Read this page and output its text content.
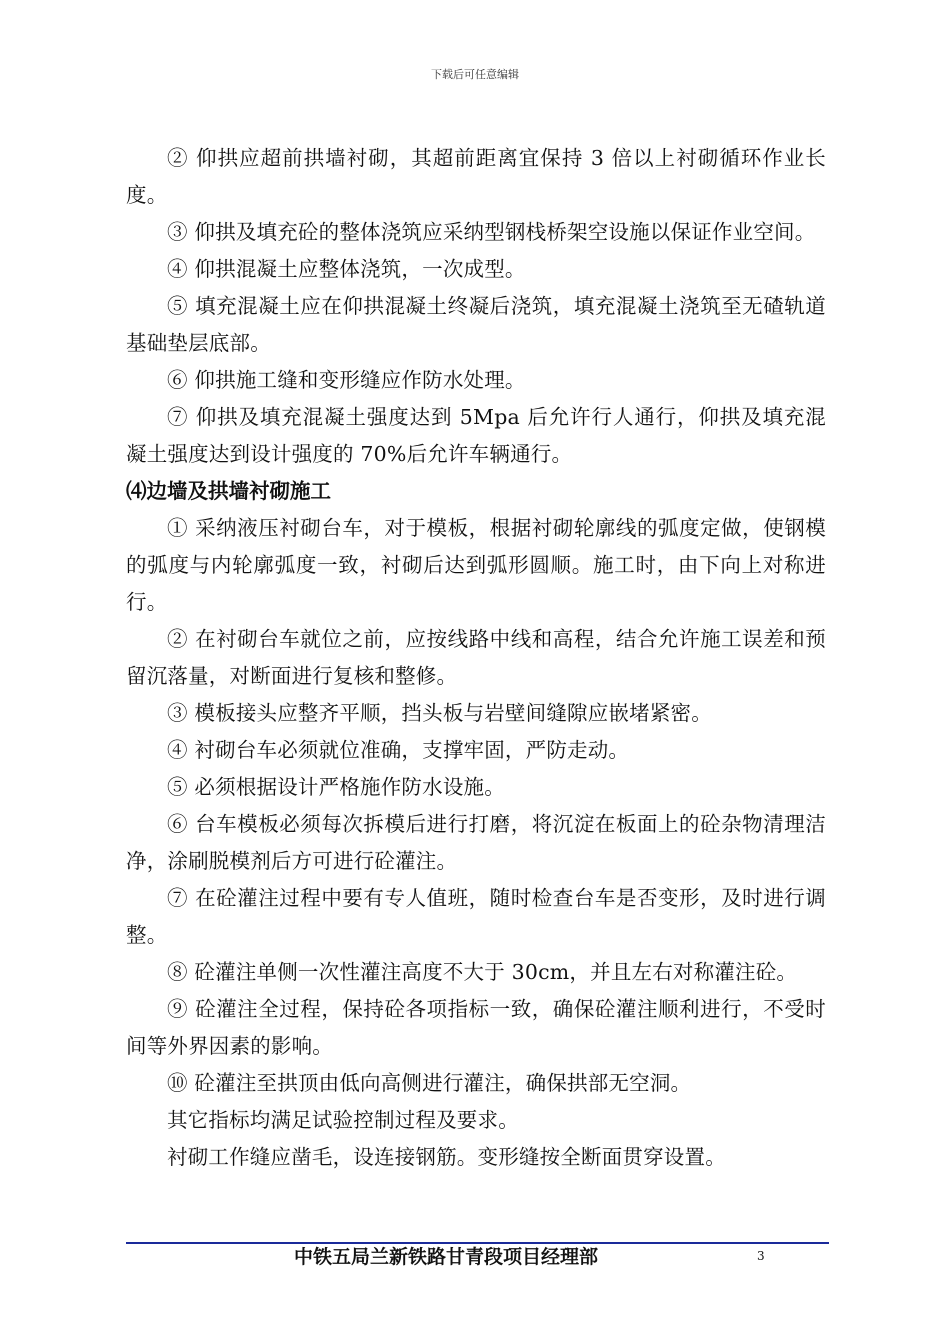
下载后可任意编辑

② 仰拱应超前拱墙衬砌，其超前距离宜保持 3 倍以上衬砌循环作业长度。

③ 仰拱及填充砼的整体浇筑应采纳型钢栈桥架空设施以保证作业空间。

④ 仰拱混凝土应整体浇筑，一次成型。

⑤ 填充混凝土应在仰拱混凝土终凝后浇筑，填充混凝土浇筑至无碴轨道基础垫层底部。

⑥ 仰拱施工缝和变形缝应作防水处理。

⑦ 仰拱及填充混凝土强度达到 5Mpa 后允许行人通行，仰拱及填充混凝土强度达到设计强度的 70%后允许车辆通行。

⑷边墙及拱墙衬砌施工

① 采纳液压衬砌台车，对于模板，根据衬砌轮廓线的弧度定做，使钢模的弧度与内轮廓弧度一致，衬砌后达到弧形圆顺。施工时，由下向上对称进行。

② 在衬砌台车就位之前，应按线路中线和高程，结合允许施工误差和预留沉落量，对断面进行复核和整修。

③ 模板接头应整齐平顺，挡头板与岩壁间缝隙应嵌堵紧密。

④ 衬砌台车必须就位准确，支撑牢固，严防走动。

⑤ 必须根据设计严格施作防水设施。

⑥ 台车模板必须每次拆模后进行打磨，将沉淀在板面上的砼杂物清理洁净，涂刷脱模剂后方可进行砼灌注。

⑦ 在砼灌注过程中要有专人值班，随时检查台车是否变形，及时进行调整。

⑧ 砼灌注单侧一次性灌注高度不大于 30cm，并且左右对称灌注砼。

⑨ 砼灌注全过程，保持砼各项指标一致，确保砼灌注顺利进行，不受时间等外界因素的影响。

⑩ 砼灌注至拱顶由低向高侧进行灌注，确保拱部无空洞。

其它指标均满足试验控制过程及要求。

衬砌工作缝应凿毛，设连接钢筋。变形缝按全断面贯穿设置。

中铁五局兰新铁路甘青段项目经理部	3
